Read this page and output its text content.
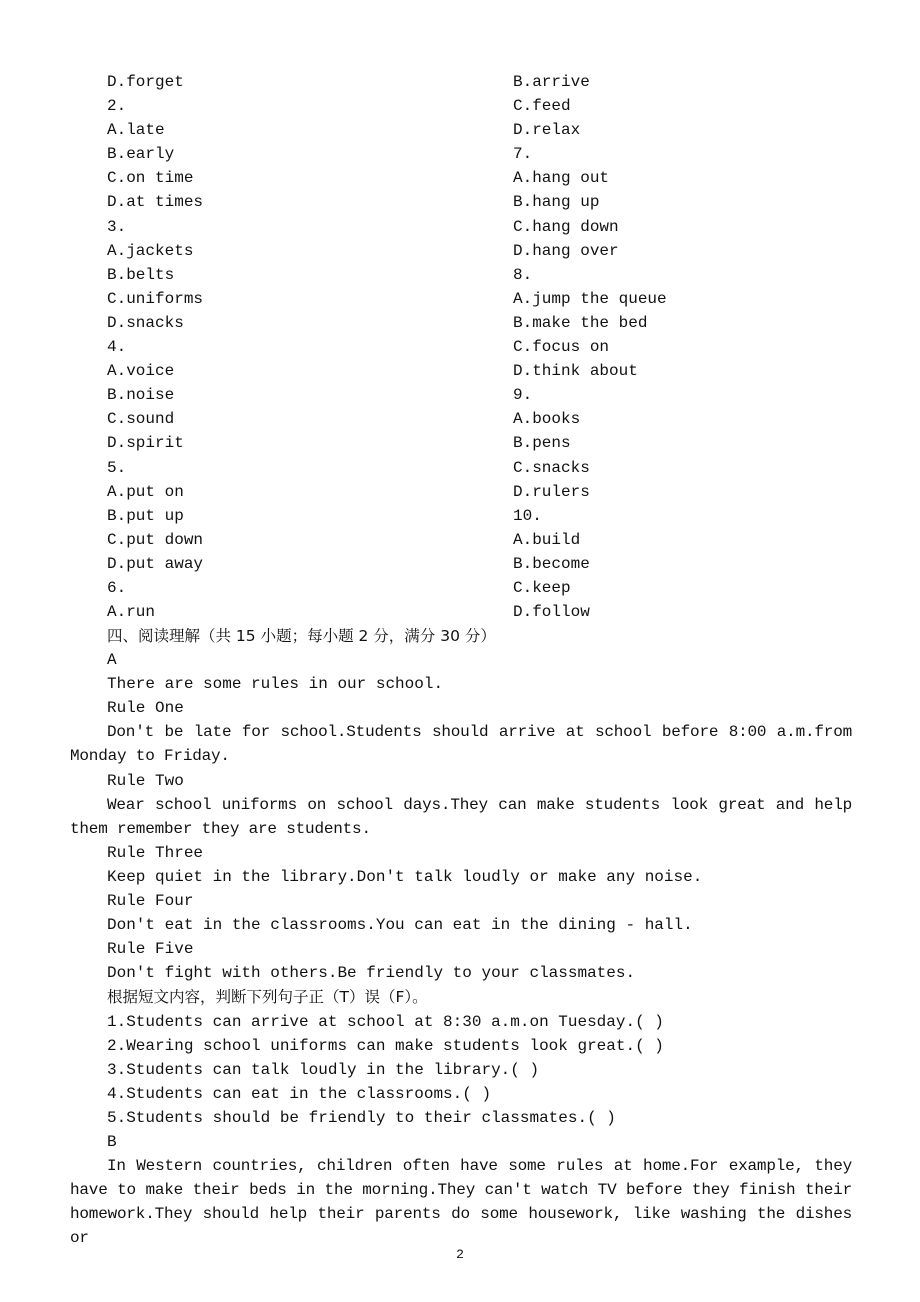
D.forget
2.
A.late
B.early
C.on time
D.at times
3.
A.jackets
B.belts
C.uniforms
D.snacks
4.
A.voice
B.noise
C.sound
D.spirit
5.
A.put on
B.put up
C.put down
D.put away
6.
A.run
B.arrive
C.feed
D.relax
7.
A.hang out
B.hang up
C.hang down
D.hang over
8.
A.jump the queue
B.make the bed
C.focus on
D.think about
9.
A.books
B.pens
C.snacks
D.rulers
10.
A.build
B.become
C.keep
D.follow
四、阅读理解（共 15 小题；每小题 2 分，满分 30 分）
A
There are some rules in our school.
Rule One
Don't be late for school.Students should arrive at school before 8:00 a.m.from Monday to Friday.
Rule Two
Wear school uniforms on school days.They can make students look great and help them remember they are students.
Rule Three
Keep quiet in the library.Don't talk loudly or make any noise.
Rule Four
Don't eat in the classrooms.You can eat in the dining - hall.
Rule Five
Don't fight with others.Be friendly to your classmates.
根据短文内容，判断下列句子正（T）误（F）。
1.Students can arrive at school at 8:30 a.m.on Tuesday.( )
2.Wearing school uniforms can make students look great.( )
3.Students can talk loudly in the library.( )
4.Students can eat in the classrooms.( )
5.Students should be friendly to their classmates.( )
B
In Western countries, children often have some rules at home.For example, they have to make their beds in the morning.They can't watch TV before they finish their homework.They should help their parents do some housework, like washing the dishes or
2
